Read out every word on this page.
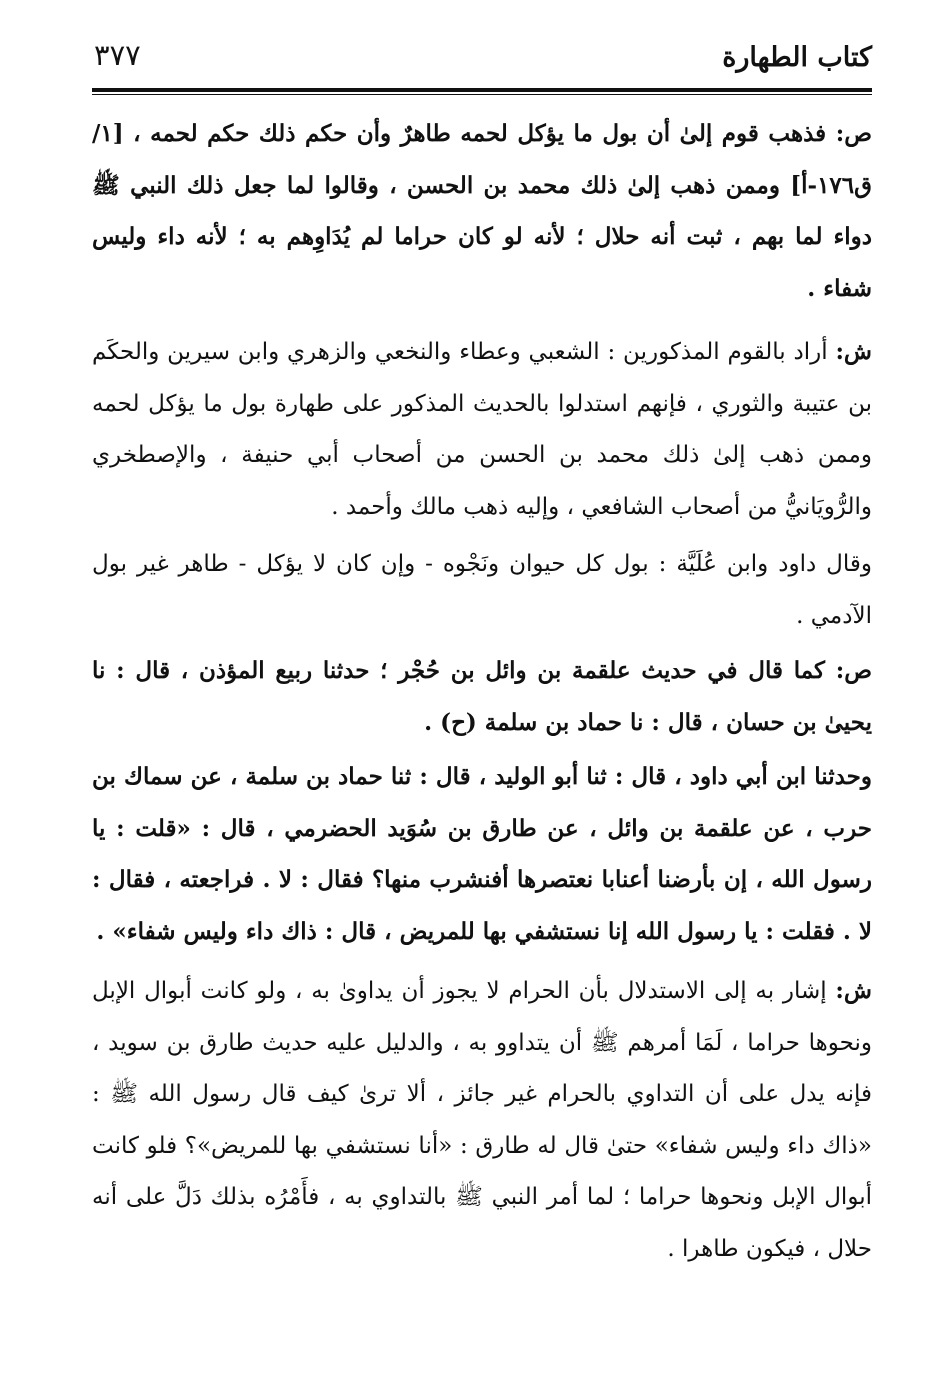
كتاب الطهارة
٣٧٧

ص: فذهب قوم إلىٰ أن بول ما يؤكل لحمه طاهرٌ وأن حكم ذلك حكم لحمه ، [١/ ق١٧٦-أ] وممن ذهب إلىٰ ذلك محمد بن الحسن ، وقالوا لما جعل ذلك النبي ﷺ دواء لما بهم ، ثبت أنه حلال ؛ لأنه لو كان حراما لم يُدَاوِهم به ؛ لأنه داء وليس شفاء .

ش: أراد بالقوم المذكورين : الشعبي وعطاء والنخعي والزهري وابن سيرين والحكَم بن عتيبة والثوري ، فإنهم استدلوا بالحديث المذكور على طهارة بول ما يؤكل لحمه وممن ذهب إلىٰ ذلك محمد بن الحسن من أصحاب أبي حنيفة ، والإصطخري والرُّويَانيُّ من أصحاب الشافعي ، وإليه ذهب مالك وأحمد .

وقال داود وابن عُلَيَّة : بول كل حيوان ونَجْوه - وإن كان لا يؤكل - طاهر غير بول الآدمي .

ص: كما قال في حديث علقمة بن وائل بن حُجْر ؛ حدثنا ربيع المؤذن ، قال : نا يحيىٰ بن حسان ، قال : نا حماد بن سلمة (ح) .

وحدثنا ابن أبي داود ، قال : ثنا أبو الوليد ، قال : ثنا حماد بن سلمة ، عن سماك بن حرب ، عن علقمة بن وائل ، عن طارق بن سُوَيد الحضرمي ، قال : «قلت : يا رسول الله ، إن بأرضنا أعنابا نعتصرها أفنشرب منها؟ فقال : لا . فراجعته ، فقال : لا . فقلت : يا رسول الله إنا نستشفي بها للمريض ، قال : ذاك داء وليس شفاء» .

ش: إشار به إلى الاستدلال بأن الحرام لا يجوز أن يداوىٰ به ، ولو كانت أبوال الإبل ونحوها حراما ، لَمَا أمرهم ﷺ أن يتداوو به ، والدليل عليه حديث طارق بن سويد ، فإنه يدل على أن التداوي بالحرام غير جائز ، ألا ترىٰ كيف قال رسول الله ﷺ : «ذاك داء وليس شفاء» حتىٰ قال له طارق : «أنا نستشفي بها للمريض»؟ فلو كانت أبوال الإبل ونحوها حراما ؛ لما أمر النبي ﷺ بالتداوي به ، فأَمْرُه بذلك دَلَّ على أنه حلال ، فيكون طاهرا .
